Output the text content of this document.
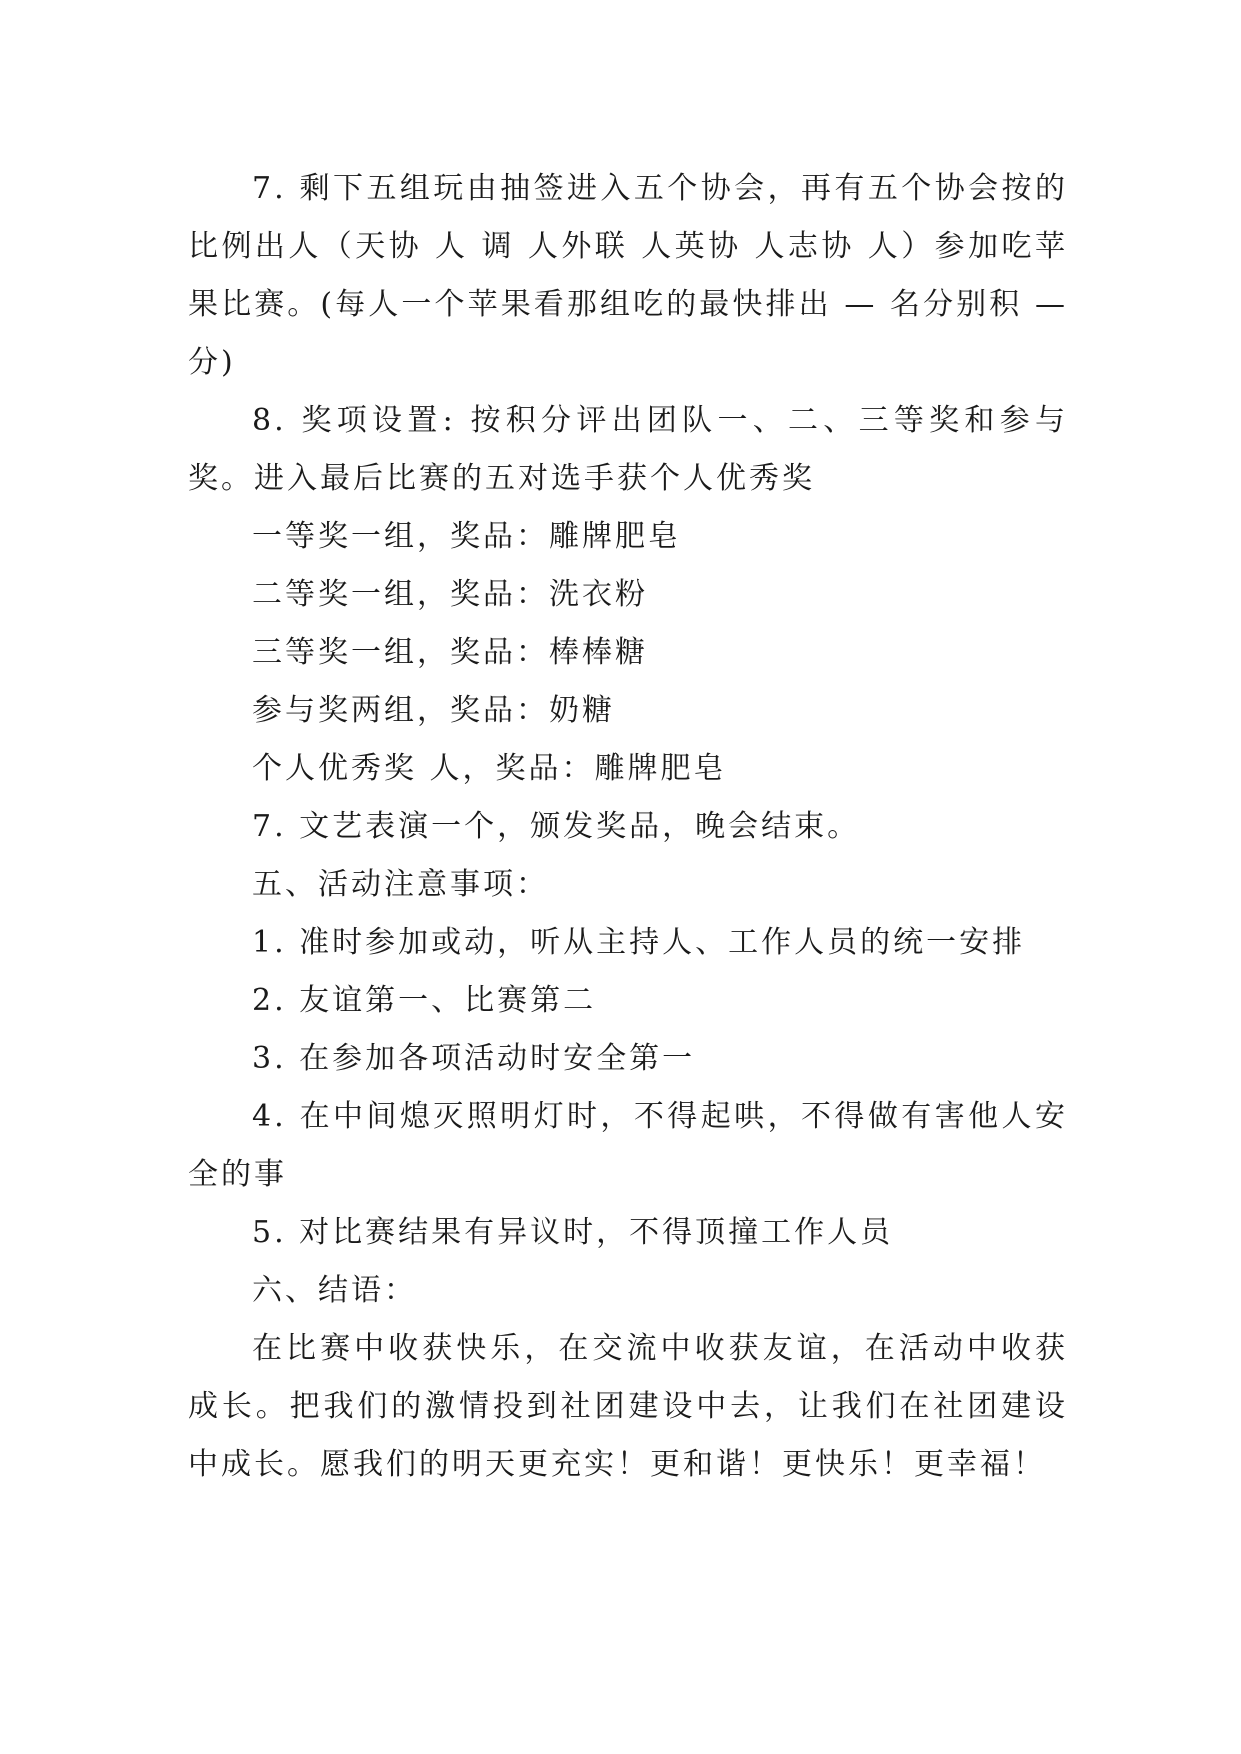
7. 剩下五组玩由抽签进入五个协会，再有五个协会按的比例出人（天协 人 调 人外联 人英协 人志协 人）参加吃苹果比赛。(每人一个苹果看那组吃的最快排出 — 名分别积 — 分)

8. 奖项设置: 按积分评出团队一、二、三等奖和参与奖。进入最后比赛的五对选手获个人优秀奖

一等奖一组，奖品：雕牌肥皂

二等奖一组，奖品：洗衣粉

三等奖一组，奖品：棒棒糖

参与奖两组，奖品：奶糖

个人优秀奖 人，奖品：雕牌肥皂

7. 文艺表演一个，颁发奖品，晚会结束。

五、活动注意事项：

1. 准时参加或动，听从主持人、工作人员的统一安排

2. 友谊第一、比赛第二

3. 在参加各项活动时安全第一

4. 在中间熄灭照明灯时，不得起哄，不得做有害他人安全的事

5. 对比赛结果有异议时，不得顶撞工作人员

六、结语：

在比赛中收获快乐，在交流中收获友谊，在活动中收获成长。把我们的激情投到社团建设中去，让我们在社团建设中成长。愿我们的明天更充实！更和谐！更快乐！更幸福！
